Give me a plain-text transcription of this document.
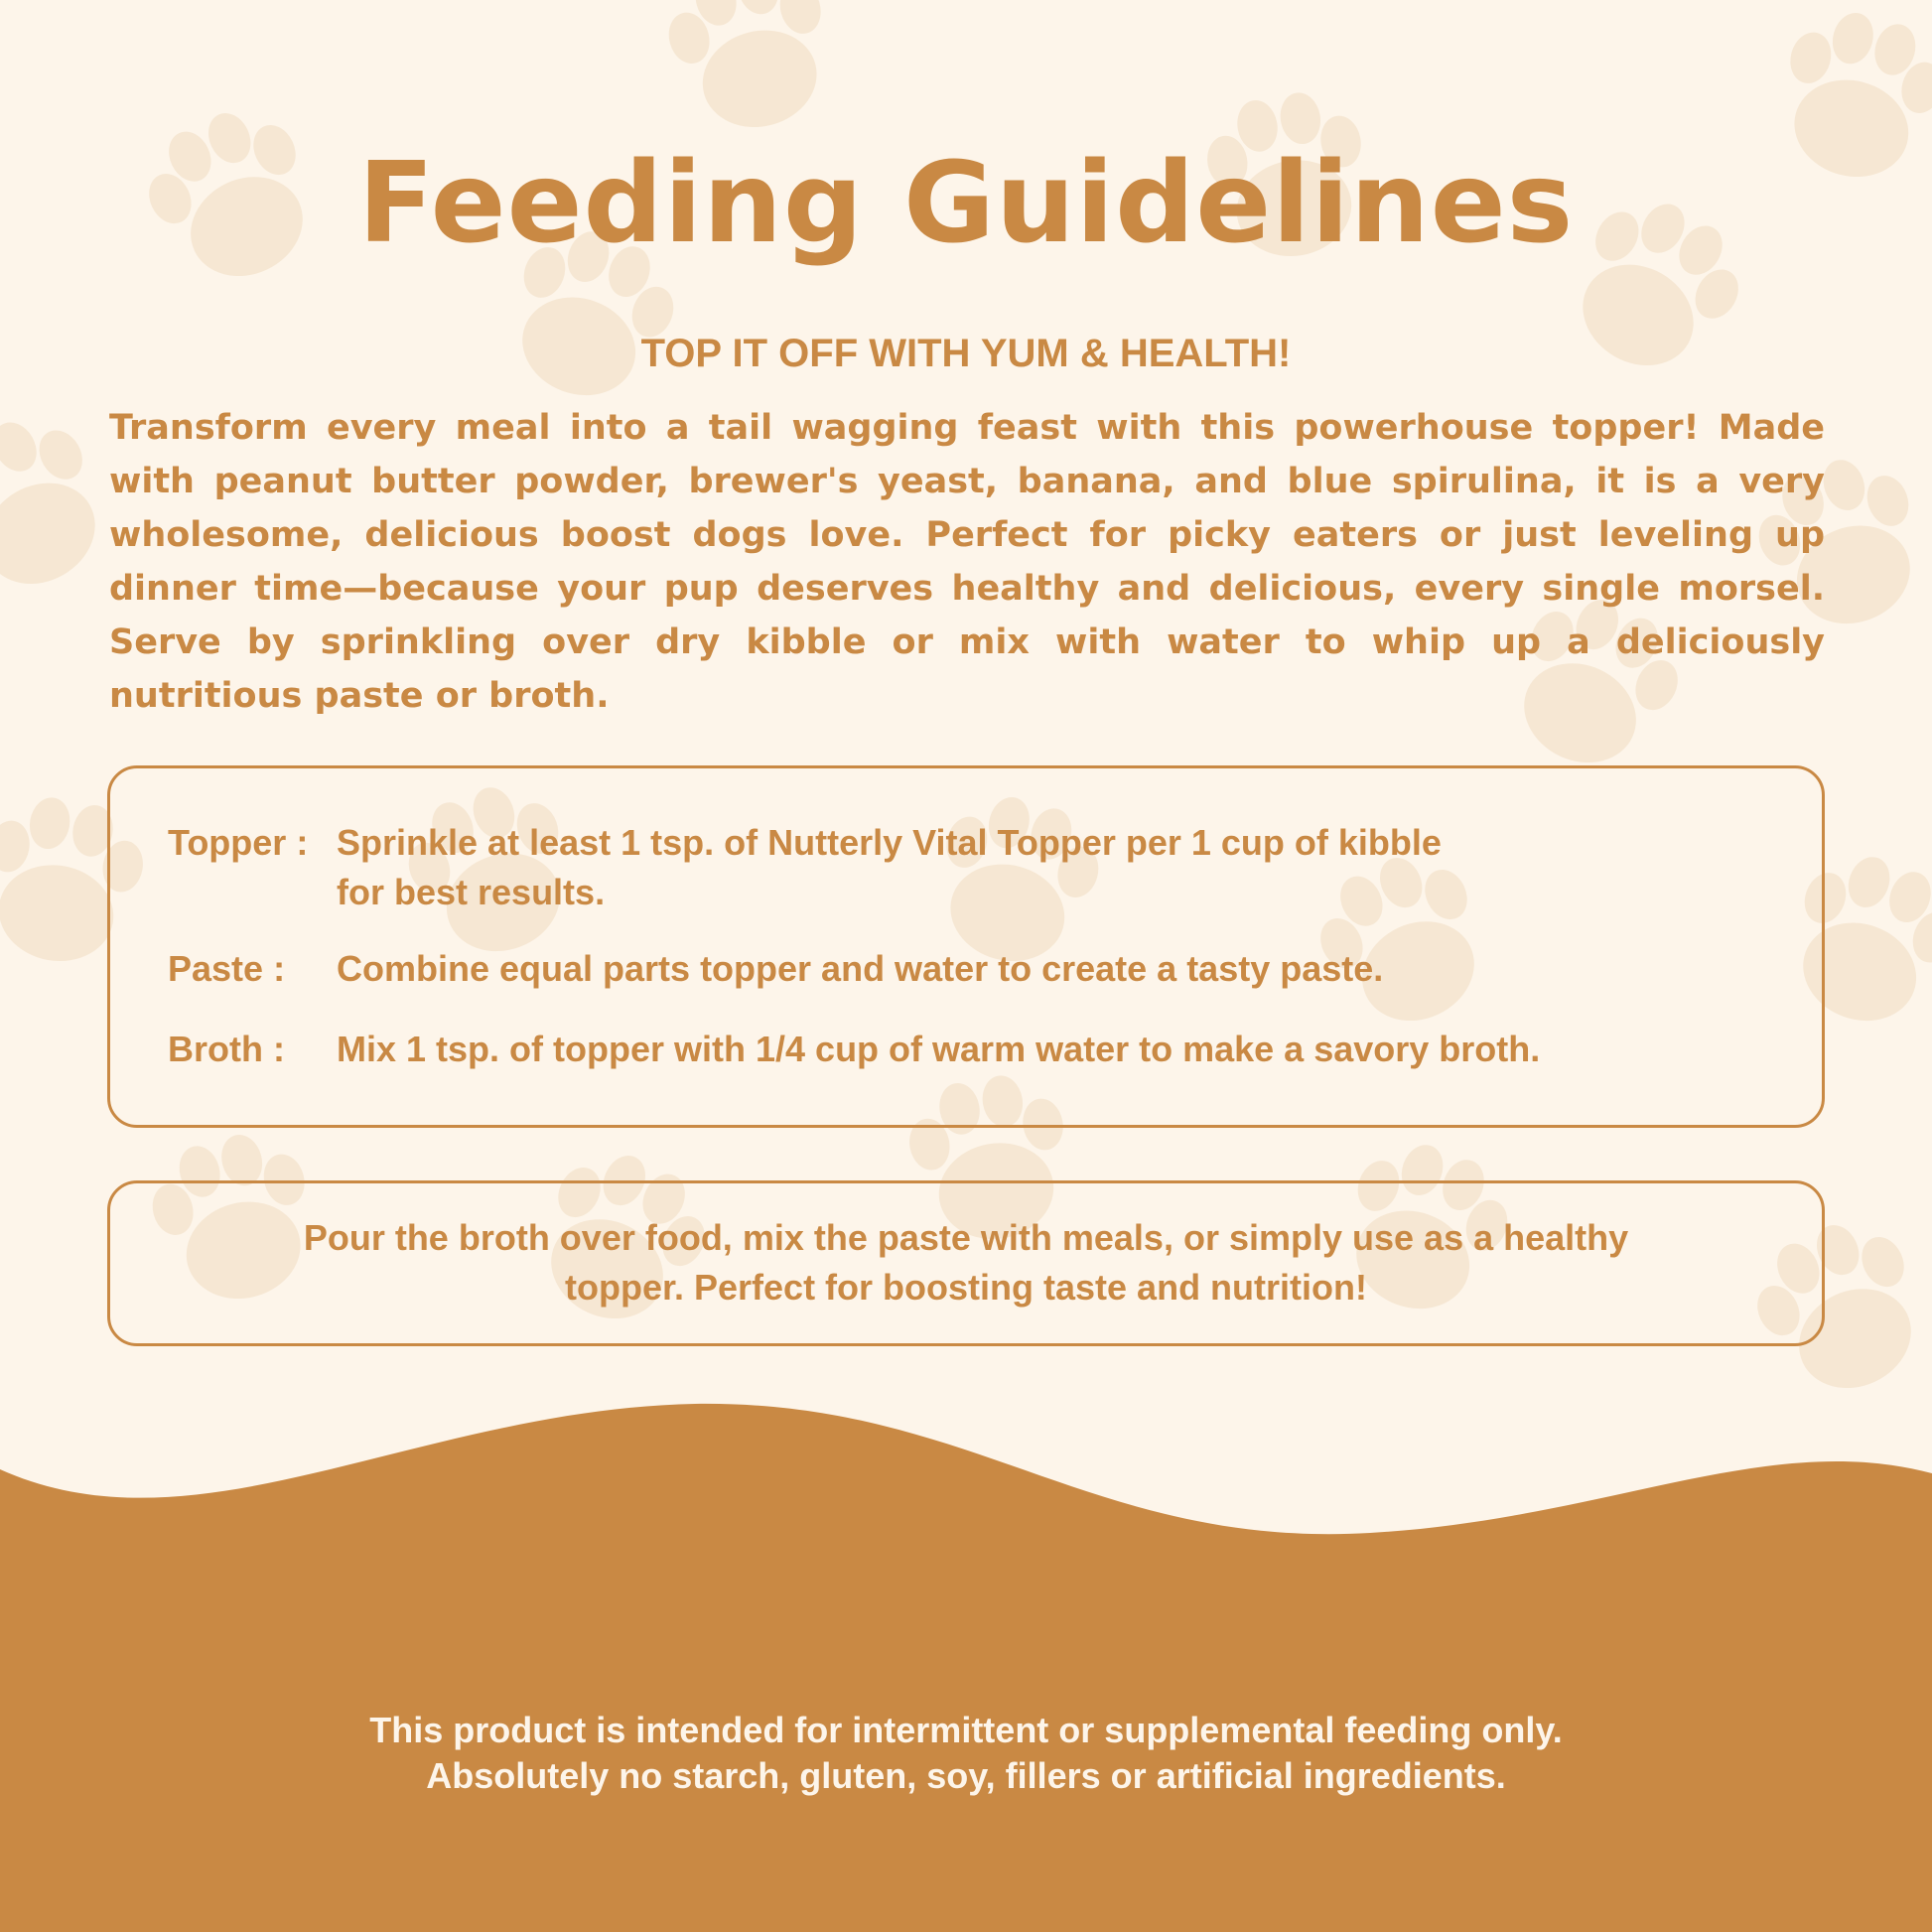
Feeding Guidelines
TOP IT OFF WITH YUM & HEALTH!
Transform every meal into a tail wagging feast with this powerhouse topper! Made with peanut butter powder, brewer's yeast, banana, and blue spirulina, it is a very wholesome, delicious boost dogs love. Perfect for picky eaters or just leveling up dinner time—because your pup deserves healthy and delicious, every single morsel. Serve by sprinkling over dry kibble or mix with water to whip up a deliciously nutritious paste or broth.
Topper : Sprinkle at least 1 tsp. of Nutterly Vital Topper per 1 cup of kibble for best results.
Paste : Combine equal parts topper and water to create a tasty paste.
Broth : Mix 1 tsp. of topper with 1/4 cup of warm water to make a savory broth.
Pour the broth over food, mix the paste with meals, or simply use as a healthy topper. Perfect for boosting taste and nutrition!
This product is intended for intermittent or supplemental feeding only.
Absolutely no starch, gluten, soy, fillers or artificial ingredients.
